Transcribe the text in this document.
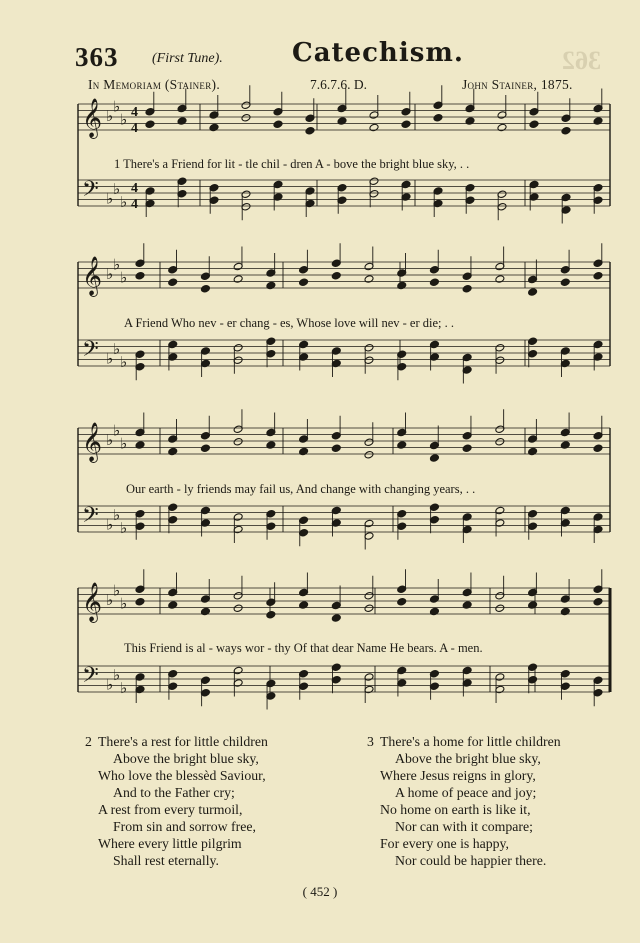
363 (First Tune).	Catechism.	362
In Memoriam (Stainer).	7.6.7.6. D.	John Stainer, 1875.
𝄞 ♭
♭
♭ 4
4
𝄢 ♭
♭
♭
4
4
𝄞 ♭
♭
♭
𝄢 ♭
♭
♭
𝄞 ♭
♭
♭
𝄢 ♭
♭
♭
𝄞 ♭
♭
♭
𝄢 ♭
♭
♭
1 There's a Friend for lit - tle chil - dren A - bove the bright blue sky, . .
A Friend Who nev - er chang - es, Whose love will nev - er die; . .
Our earth - ly friends may fail us, And change with changing years, . .
This Friend is al - ways wor - thy Of that dear Name He bears. A - men.
2 There's a rest for little children
Above the bright blue sky,
Who love the blessèd Saviour,
And to the Father cry;
A rest from every turmoil,
From sin and sorrow free,
Where every little pilgrim
Shall rest eternally.
3 There's a home for little children
Above the bright blue sky,
Where Jesus reigns in glory,
A home of peace and joy;
No home on earth is like it,
Nor can with it compare;
For every one is happy,
Nor could be happier there.
( 452 )
